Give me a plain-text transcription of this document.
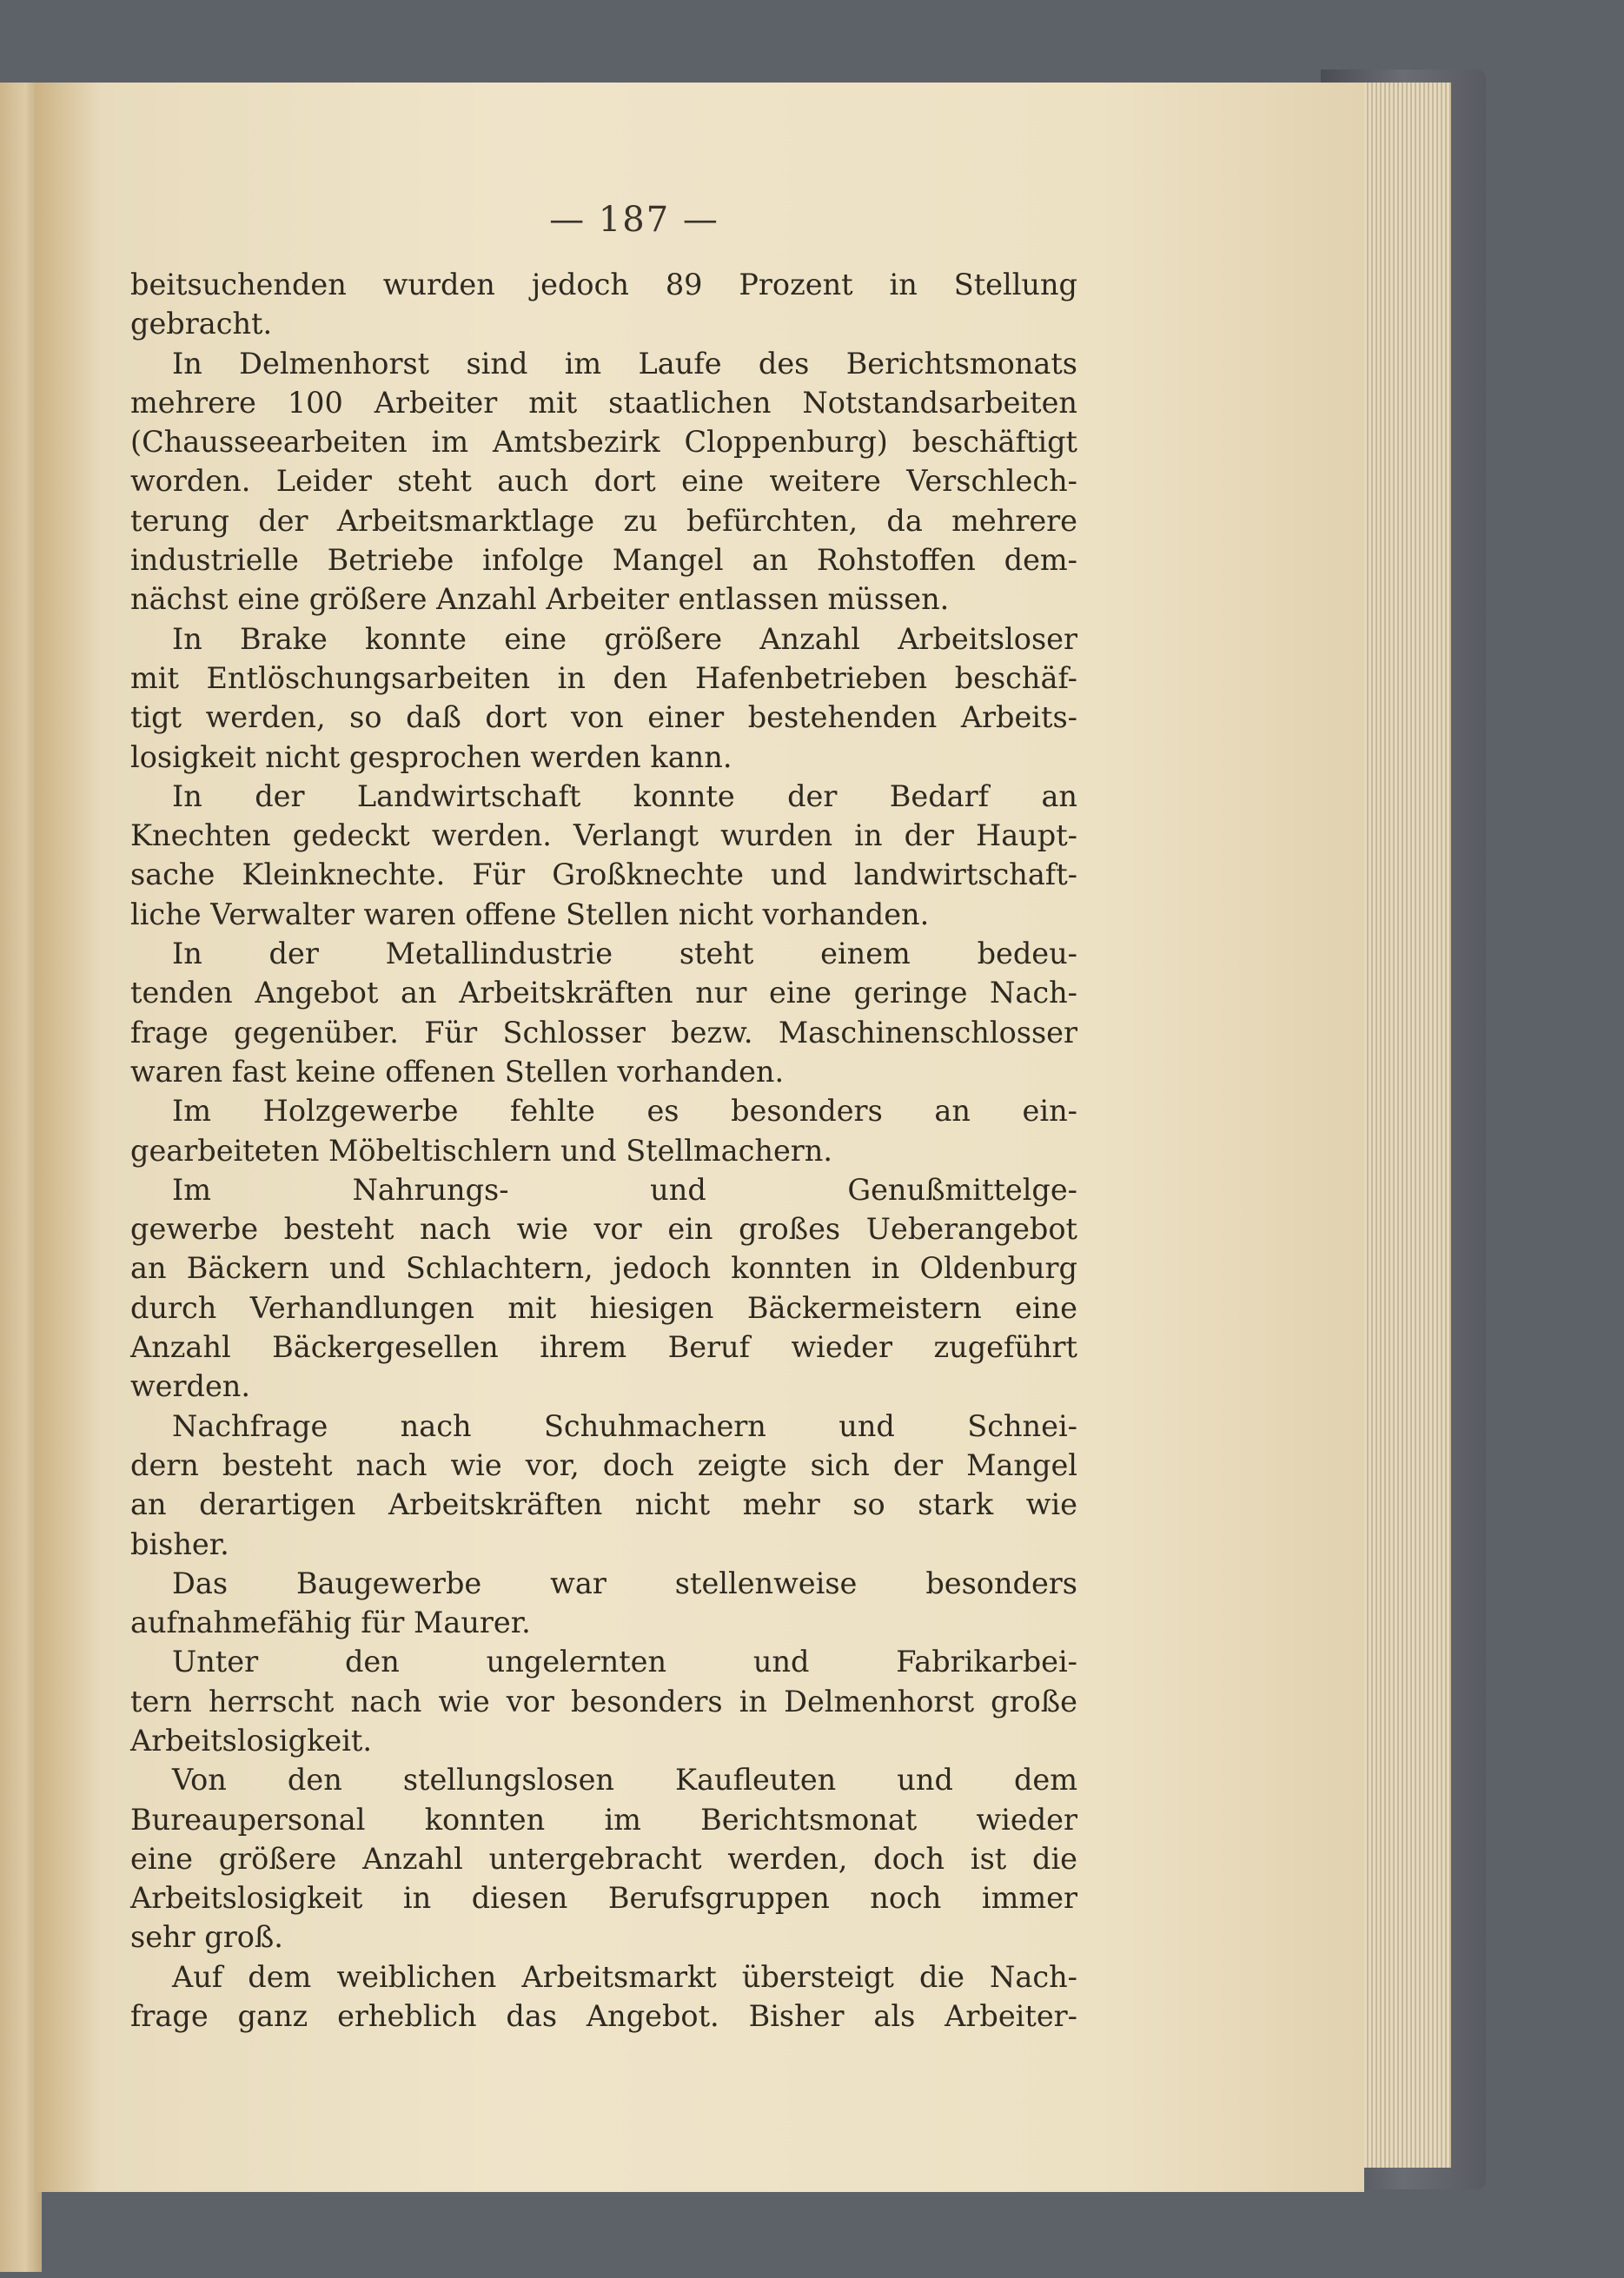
— 187 —

beitsuchenden wurden jedoch 89 Prozent in Stellung
gebracht.

In Delmenhorst sind im Laufe des Berichtsmonats
mehrere 100 Arbeiter mit staatlichen Notstandsarbeiten
(Chausseearbeiten im Amtsbezirk Cloppenburg) beschäftigt
worden. Leider steht auch dort eine weitere Verschlech-
terung der Arbeitsmarktlage zu befürchten, da mehrere
industrielle Betriebe infolge Mangel an Rohstoffen dem-
nächst eine größere Anzahl Arbeiter entlassen müssen.

In Brake konnte eine größere Anzahl Arbeitsloser
mit Entlöschungsarbeiten in den Hafenbetrieben beschäf-
tigt werden, so daß dort von einer bestehenden Arbeits-
losigkeit nicht gesprochen werden kann.

In der Landwirtschaft konnte der Bedarf an
Knechten gedeckt werden. Verlangt wurden in der Haupt-
sache Kleinknechte. Für Großknechte und landwirtschaft-
liche Verwalter waren offene Stellen nicht vorhanden.

In der Metallindustrie steht einem bedeu-
tenden Angebot an Arbeitskräften nur eine geringe Nach-
frage gegenüber. Für Schlosser bezw. Maschinenschlosser
waren fast keine offenen Stellen vorhanden.

Im Holzgewerbe fehlte es besonders an ein-
gearbeiteten Möbeltischlern und Stellmachern.

Im Nahrungs- und Genußmittelge-
gewerbe besteht nach wie vor ein großes Ueberangebot
an Bäckern und Schlachtern, jedoch konnten in Oldenburg
durch Verhandlungen mit hiesigen Bäckermeistern eine
Anzahl Bäckergesellen ihrem Beruf wieder zugeführt
werden.

Nachfrage nach Schuhmachern und Schnei-
dern besteht nach wie vor, doch zeigte sich der Mangel
an derartigen Arbeitskräften nicht mehr so stark wie
bisher.

Das Baugewerbe war stellenweise besonders
aufnahmefähig für Maurer.

Unter den ungelernten und Fabrikarbei-
tern herrscht nach wie vor besonders in Delmenhorst große
Arbeitslosigkeit.

Von den stellungslosen Kaufleuten und dem
Bureaupersonal konnten im Berichtsmonat wieder
eine größere Anzahl untergebracht werden, doch ist die
Arbeitslosigkeit in diesen Berufsgruppen noch immer
sehr groß.

Auf dem weiblichen Arbeitsmarkt übersteigt die Nach-
frage ganz erheblich das Angebot. Bisher als Arbeiter-
